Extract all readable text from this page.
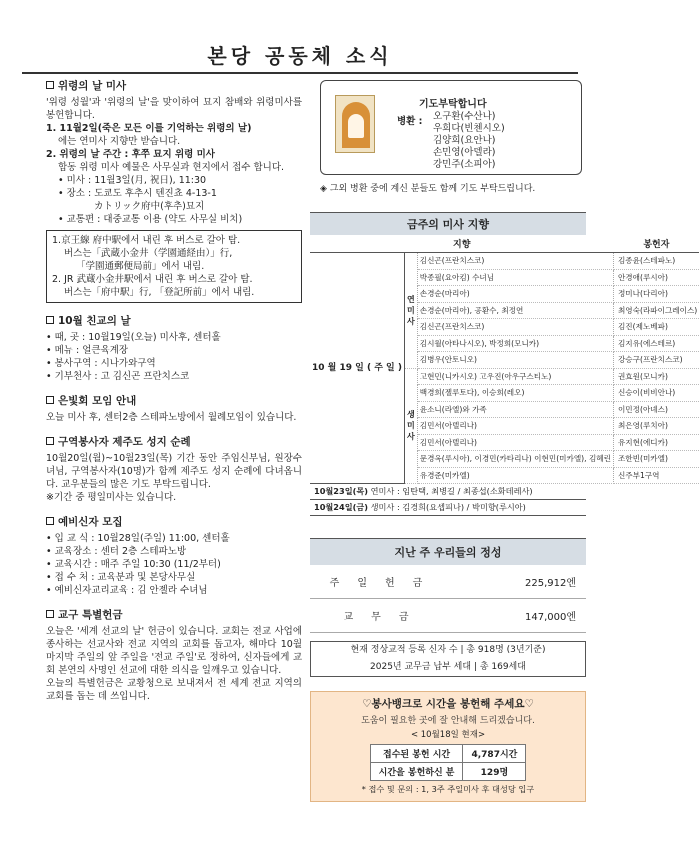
본당 공동체 소식
위령의 날 미사
'위령 성월'과 '위령의 날'을 맞이하여 묘지 참배와 위령미사를 봉헌합니다.
1. 11월2일(죽은 모든 이를 기억하는 위령의 날)
에는 연미사 지향만 받습니다.
2. 위령의 날 주간 : 후쭈 묘지 위령 미사
합동 위령 미사 예물은 사무실과 현지에서 접수 합니다.
• 미사 : 11월3일(月, 祝日), 11:30
• 장소 : 도쿄도 후추시 텐진쵸 4-13-1
カトリック府中(후추)묘지
• 교통편 : 대중교통 이용 (약도 사무실 비치)
1.京王線 府中駅에서 내린 후 버스로 갈아 탐.
버스는「武蔵小金井（学園通経由）」行,
「学園通郵便局前」에서 내림.
2. JR 武蔵小金井駅에서 내린 후 버스로 갈아 탐.
버스는「府中駅」行, 「登記所前」에서 내림.
10월 친교의 날
• 때, 곳 : 10월19일(오늘) 미사후, 센터홀
• 메뉴 : 얼큰육계장
• 봉사구역 : 시나가와구역
• 기부천사 : 고 김신곤 프란치스코
은빛회 모임 안내
오늘 미사 후, 센터2층 스테파노방에서 월례모임이 있습니다.
구역봉사자 제주도 성지 순례
10월20일(월)~10월23일(목) 기간 동안 주임신부님, 원장수녀님, 구역봉사자(10명)가 함께 제주도 성지 순례에 다녀옵니다. 교우분들의 많은 기도 부탁드립니다.
※기간 중 평일미사는 있습니다.
예비신자 모집
• 입 교 식 : 10월28일(주일) 11:00, 센터홀
• 교육장소 : 센터 2층 스테파노방
• 교육시간 : 매주 주일 10:30 (11/2부터)
• 접 수 처 : 교육분과 및 본당사무실
• 예비신자교리교육 : 김 안젤라 수녀님
교구 특별헌금
오늘은 '세계 선교의 날' 헌금이 있습니다. 교회는 전교 사업에 종사하는 선교사와 전교 지역의 교회를 돕고자, 해마다 10월 마지막 주일의 앞 주일을 '전교 주일'로 정하여, 신자들에게 교회 본연의 사명인 선교에 대한 의식을 일깨우고 있습니다.
오늘의 특별헌금은 교황청으로 보내져서 전 세계 전교 지역의 교회를 돕는 데 쓰입니다.
기도부탁합니다
병환 : 오구환(수산나)
우희다(빈첸시오)
김양희(요안나)
손민영(아델라)
강민주(소피아)
◈ 그외 병환 중에 계신 분들도 함께 기도 부탁드립니다.
금주의 미사 지향
지향			봉헌자
10 월 19 일 ( 주 일 )	연미사	김신곤(프란치스코)	김종윤(스테파노)
		박종필(요아킴) 수녀님	안경애(루시아)
		손경순(마리아)	정미나(다리아)
		손경순(마리아), 공환수, 최정연	최영숙(라파이그레이스)
		김신곤(프란치스코)	김진(제노베파)
		김시월(아타나시오), 박정희(모니카)	김지유(에스테르)
		김병우(안토니오)	강승구(프란치스코)
	생미사	고현민(니카시오) 고우진(아우구스티노)	권효원(모니카)
		백경희(젤루토다), 이승희(레오)	신승이(비비안나)
		윤소니(라엘)와 가족	이민정(아녜스)
		김민서(아델리나)	최은영(루치아)
		김민서(아델리나)	유지현(에디카)
		문경옥(루시아), 이경민(카타리나) 이현민(미카엘), 김혜린	조한빈(미카엘)
		유경준(미카엘)	신주부1구역
10월23일(목) 연미사 : 임탄택, 최병길 / 최종섭(소화데레사)
10월24일(금) 생미사 : 김경희(요셉피나) / 박미향(루시아)
지난 주 우리들의 정성
주일헌금	225,912엔
교무금	147,000엔
현재 정상교적 등록 신자 수 | 총 918명 (3년기준)
2025년 교무금 납부 세대 | 총 169세대
♡봉사뱅크로 시간을 봉헌해 주세요♡
도움이 필요한 곳에 잘 안내해 드리겠습니다.
< 10월18일 현재>
접수된 봉헌 시간	4,787시간
시간을 봉헌하신 분	129명
* 접수 및 문의 : 1, 3주 주일미사 후 대성당 입구
